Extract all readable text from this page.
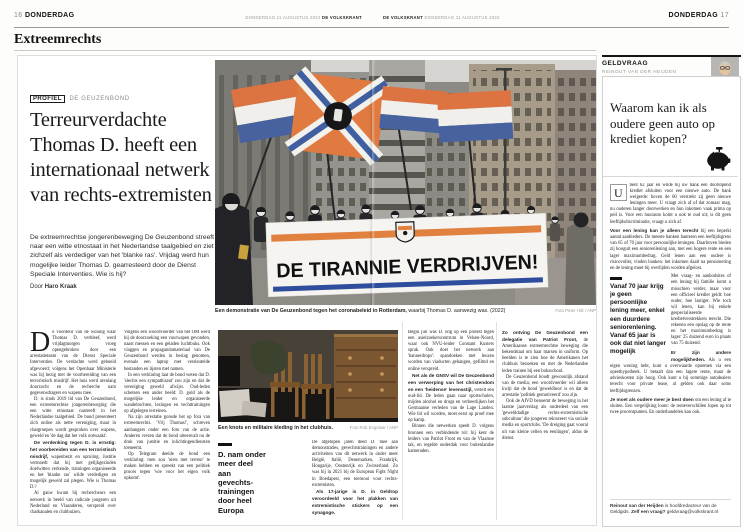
16 DONDERDAG	DONDERDAG 11 AUGUSTUS 2022 DE VOLKSKRANT	DE VOLKSKRANT DONDERDAG 11 AUGUSTUS 2022	DONDERDAG 17
Extreemrechts
PROFIEL DE GEUZENBOND
Terreurverdachte Thomas D. heeft een internationaal netwerk van rechts-extremisten
De extreemrechtse jongerenbeweging De Geuzenbond streeft naar een witte etnostaat in het Nederlandse taalgebied en ziet zichzelf als verdediger van het 'blanke ras'. Vrijdag werd hun mogelijke leider Thomas D. gearresteerd door de Dienst Speciale Interventies. Wie is hij?
Door Haro Kraak
DE TIRANNIE VERDRIJVEN!
Een demonstratie van De Geuzenbond tegen het coronabeleid in Rotterdam, waarbij Thomas D. aanwezig was. (2022)	Foto Peter Hilz / ANP

De voordeur van de woning waar Thomas D. verbleef, werd vrijdagmorgen vroeg opengebroken door een arrestatieteam van de Dienst Speciale Interventies. De verdachte werd geboeid afgevoerd; volgens het Openbaar Ministerie was hij bezig met de voorbereiding van een terroristisch misdrijf. Het huis werd urenlang doorzocht en de recherche nam gegevensdragers en wapens mee.

D. is sinds 2019 lid van De Geuzenbond, een extreemrechtse jongerenbeweging die een witte etnostaat nastreeft in het Nederlandse taalgebied. De bond presenteert zich online als nette vereniging, maar in chatgroepen wordt gesproken over wapens, geweld en 'de dag dat het volk ontwaakt'.

De verdenking tegen D. is ernstig: het voorbereiden van een terroristisch misdrijf, wapenbezit en opruiing. Justitie vermoedt dat hij met gelijkgezinden doelwitten verkende, trainingen organiseerde en het 'blanke ras' wilde verdedigen en mogelijk geweld zal plegen. Wie is Thomas D.?

Al gauw kwam bij rechercheurs een netwerk in beeld van radicale jongeren uit Nederland en Vlaanderen, verspreid over chatkanalen en clubhuizen.

Volgens een woordvoerder van het OM werd bij de doorzoeking een vuurwapen gevonden, naast messen en een geladen luchtbuks. Ook vlaggen en propagandamateriaal van De Geuzenbond werden in beslag genomen, evenals een laptop met versleutelde bestanden en lijsten met namen.

In een verklaring laat de bond weten dat D. 'slechts een sympathisant' zou zijn en dat de vereniging geweld afwijst. Oud-leden schetsen een ander beeld: D. gold als de mogelijke leider en organiseerde wandeltochten, lezingen en vechttrainingen op afgelegen terreinen.

Na zijn arrestatie gonsde het op fora van extreemrechts. 'Vrij Thomas!', schreven aanhangers onder een foto van de actie. Anderen vrezen dat de bond uiteenvalt nu de druk van justitie en inlichtingendiensten toeneemt.

Op Telegram deelde de bond een verklaring: men zou 'niets met terreur' te maken hebben en spreekt van een politiek proces tegen 'wie voor het eigen volk opkomt'.

Een knots en militaire kleding in het clubhuis.	Foto Rob Engelaar / ANP
D. nam onder meer deel aan gevechts-trainingen door heel Europa

De afgelopen jaren deed D. mee aan demonstraties, gevechtstrainingen en andere activiteiten van dit netwerk in onder meer België, Italië, Denemarken, Frankrijk, Hongarije, Oostenrijk en Zwitserland. Zo was hij in 2021 bij de European Fight Night in Boedapest, een toernooi voor rechts-extremisten.

Als 17-jarige is D. in Geldrop veroordeeld voor het plakken van extremistische stickers op een synagoge.

Begin juli was D. nog op een protest tegen een asielzoekerscentrum in Velsen-Noord, waar ook NVU-leider Constant Kusters sprak. Ook doet het netwerk aan 'bannerdrops': spandoeken met leuzen worden van viaducten gehangen, gefilmd en online verspreid.

Net als de GNSV wil De Geuzenbond een verwerping van het christendom en een 'heidense' levensstijl, vertelt een oud-lid. De leden gaan naar sportscholen, mijden alcohol en drugs en verheerlijken het Germaanse verleden van de Lage Landen. Wie lid wil worden, moet eerst op proef mee op kamp.

Binnen die netwerken speelt D. volgens bronnen een verbindende rol: hij kent de leiders van Patriot Front en van de Vlaamse tak, en regelde onderdak voor buitenlandse kameraden.

Zo ontving De Geuzenbond een delegatie van Patriot Front, de Amerikaanse extreemrechtse beweging die bekendstaat om haar marsen in uniform. Op beelden is te zien hoe de Amerikanen het clubhuis bezoeken en met de Nederlandse leden trainen bij een boksschool.

De Geuzenbond houdt gewoonlijk afstand van de media; een woordvoerder wil alleen kwijt dat de bond 'geweldloos' is en dat de arrestatie 'politiek gemotiveerd' zou zijn.

Ook de AIVD benoemt de beweging in het laatste jaarverslag als onderdeel van een 'gewelddadige rechts-extremistische subcultuur' die jongeren rekruteert via sociale media en sportclubs. 'De dreiging gaat vooral uit van kleine cellen en eenlingen', aldus de dienst.

GELDVRAAG
REINOUT VAN DER HEIJDEN
Waarom kan ik als oudere geen auto op krediet kopen?

U	bent 62 jaar en wilde bij uw bank een doorlopend krediet afsluiten voor een nieuwe auto. De bank weigerde: boven de 60 verstrekt zij geen nieuwe leningen meer. U vraagt zich af of dat zomaar mag, nu ouderen langer doorwerken en hun inkomen vaak prima op peil is. Voor een huurauto komt u ook te oud uit; is dit geen leeftijdsdiscriminatie, vraagt u zich af.

Voor een lening kan je alleen terecht bij een beperkt aantal aanbieders. De meeste banken hanteren een leeftijdsgrens van 65 of 70 jaar voor persoonlijke leningen. Daarboven bieden zij hooguit een seniorenlening aan, met een hogere rente en een lager maximumbedrag. Geld lenen aan een oudere is risicovoller, vinden banken: het inkomen daalt na pensionering en de lening moet bij overlijden worden afgelost.

Vanaf 70 jaar krijg je geen persoonlijke lening meer, enkel een duurdere seniorenlening. Vanaf 65 jaar is ook dat niet langer mogelijk

Met vraag- en aanbodsites of een lening bij familie komt u misschien verder, maar voor een officieel krediet geldt: hoe ouder, hoe lastiger. Wie toch wil lenen, kan bij enkele gespecialiseerde kredietverstrekkers terecht. Die rekenen een opslag op de rente en het maximumbedrag is lager: 25 duizend euro in plaats van 75 duizend.

Er zijn andere mogelijkheden. Als u een eigen woning hebt, kunt u overwaarde opnemen via een opeethypotheek. U betaalt dan een lagere rente, maar de advieskosten zijn hoog. Ook kunt u bij sommige autodealers terecht voor private lease, al gelden ook daar soms leeftijdsgrenzen.

Je moet als oudere meer je best doen om een lening af te sluiten. Een vergelijking loont: de renteverschillen lopen op tot twee procentpunten. En onderhandelen kan ook.

Reinout van der Heijden is hoofdredacteur van de Geldgids. Zelf een vraag? geldvraag@volkskrant.nl
